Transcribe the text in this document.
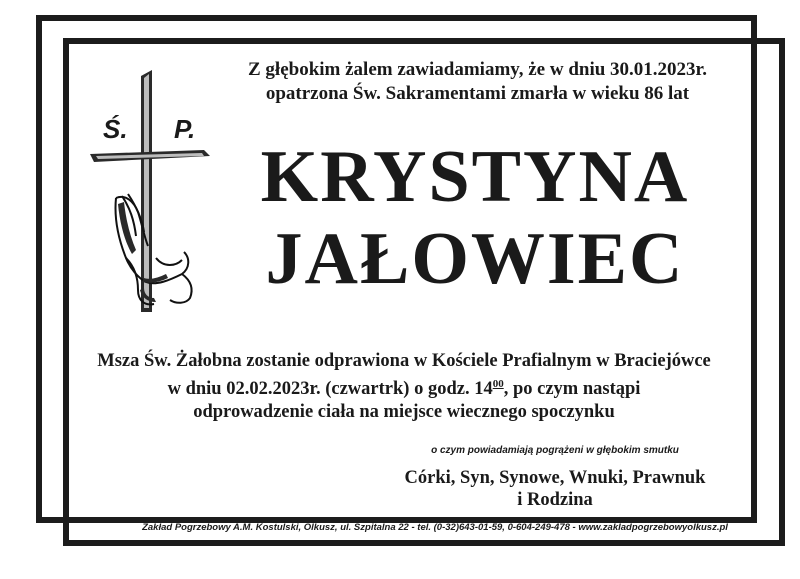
Z głębokim żalem zawiadamiamy, że w dniu 30.01.2023r.
opatrzona Św. Sakramentami zmarła w wieku 86 lat
Ś. P.
KRYSTYNA
JAŁOWIEC
Msza Św. Żałobna zostanie odprawiona w Kościele Prafialnym w Braciejówce
w dniu 02.02.2023r. (czwartrk) o godz. $14^{00}$, po czym nastąpi
odprowadzenie ciała na miejsce wiecznego spoczynku
o czym powiadamiają pogrążeni w głębokim smutku
Córki, Syn, Synowe, Wnuki, Prawnuk
i Rodzina
Zakład Pogrzebowy A.M. Kostulski, Olkusz, ul. Szpitalna 22 - tel. (0-32)643-01-59, 0-604-249-478 - www.zakladpogrzebowyolkusz.pl
